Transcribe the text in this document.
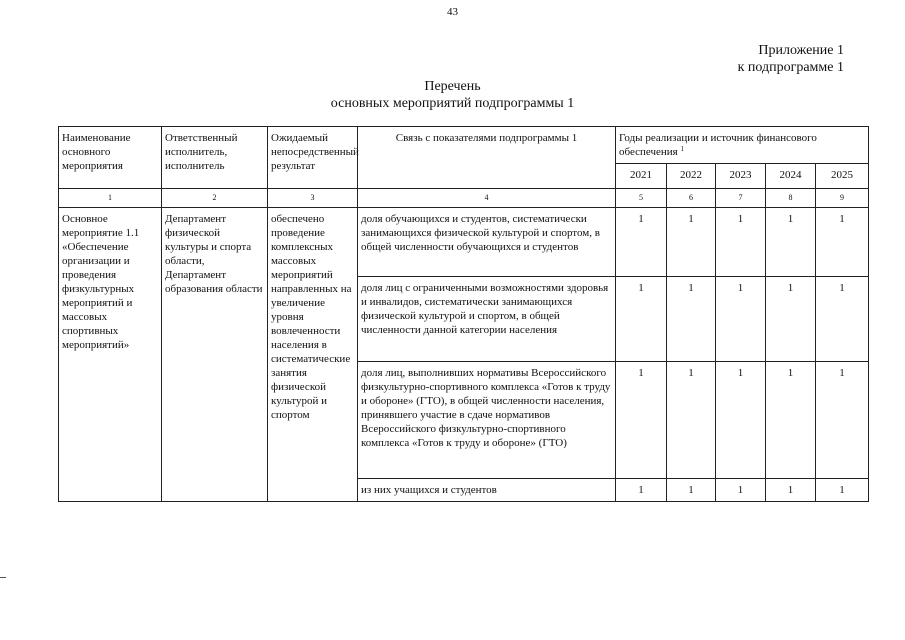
43
Приложение 1
к подпрограмме 1
Перечень
основных мероприятий подпрограммы 1
Наименование основного мероприятия	Ответственный исполнитель, исполнитель	Ожидаемый непосредственный результат	Связь с показателями подпрограммы 1	Годы реализации и источник финансового обеспечения $^1$
				2021	2022	2023	2024	2025
1	2	3	4	5	6	7	8	9
Основное мероприятие 1.1 «Обеспечение организации и проведения физкультурных мероприятий и массовых спортивных мероприятий»	Департамент физической культуры и спорта области, Департамент образования области	обеспечено проведение комплексных массовых мероприятий направленных на увеличение уровня вовлеченности населения в систематические занятия физической культурой и спортом	доля обучающихся и студентов, систематически занимающихся физической культурой и спортом, в общей численности обучающихся и студентов	1	1	1	1	1
			доля лиц с ограниченными возможностями здоровья и инвалидов, систематически занимающихся физической культурой и спортом, в общей численности данной категории населения	1	1	1	1	1
			доля лиц, выполнивших нормативы Всероссийского физкультурно-спортивного комплекса «Готов к труду и обороне» (ГТО), в общей численности населения, принявшего участие в сдаче нормативов Всероссийского физкультурно-спортивного комплекса «Готов к труду и обороне» (ГТО)	1	1	1	1	1
			из них учащихся и студентов	1	1	1	1	1
